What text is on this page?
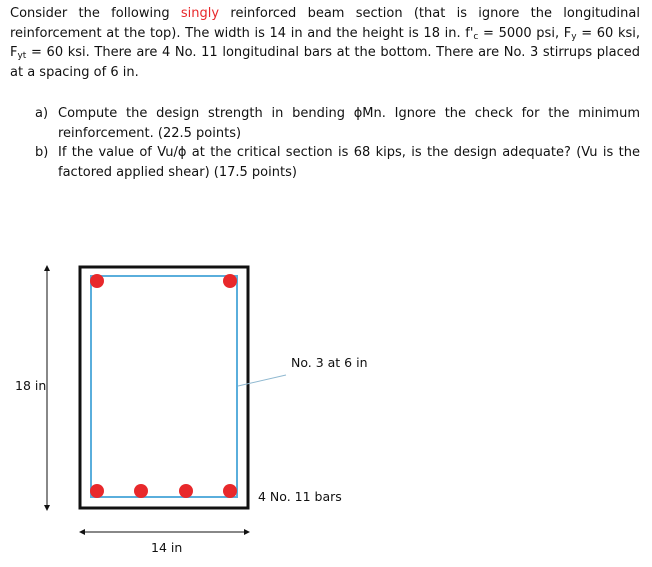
Consider the following singly reinforced beam section (that is ignore the longitudinal reinforcement at the top). The width is 14 in and the height is 18 in. $f'_c = 5000$ psi, $F_y = 60$ ksi, $F_{yt} = 60$ ksi. There are 4 No. 11 longitudinal bars at the bottom. There are No. 3 stirrups placed at a spacing of 6 in.
a) Compute the design strength in bending ϕMn. Ignore the check for the minimum reinforcement. (22.5 points)
b) If the value of Vu/ϕ at the critical section is 68 kips, is the design adequate? (Vu is the factored applied shear) (17.5 points)
18 in
14 in
No. 3 at 6 in
4 No. 11 bars
